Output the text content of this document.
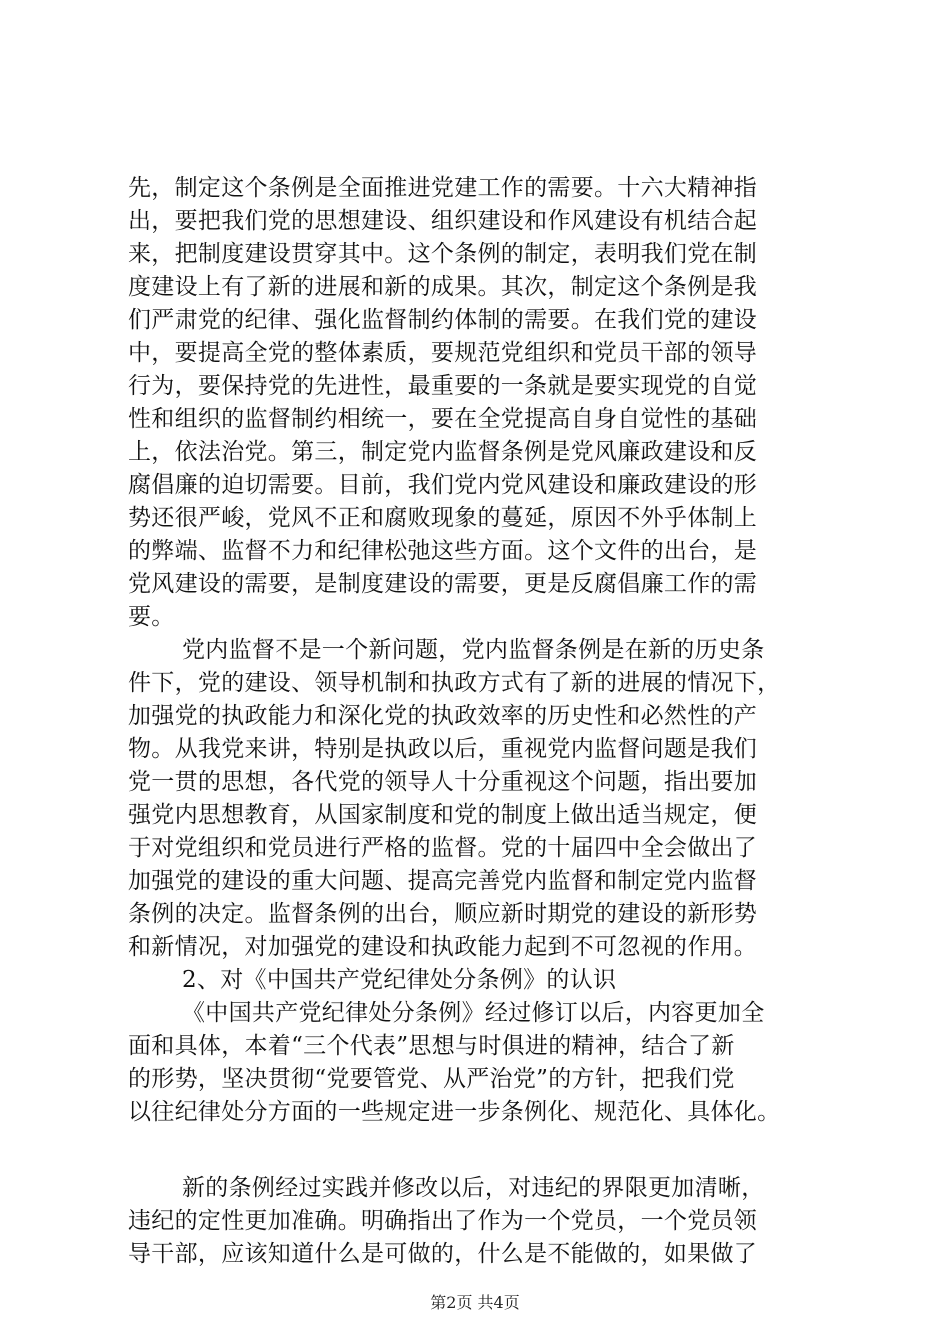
先，制定这个条例是全面推进党建工作的需要。十六大精神指
出，要把我们党的思想建设、组织建设和作风建设有机结合起
来，把制度建设贯穿其中。这个条例的制定，表明我们党在制
度建设上有了新的进展和新的成果。其次，制定这个条例是我
们严肃党的纪律、强化监督制约体制的需要。在我们党的建设
中，要提高全党的整体素质，要规范党组织和党员干部的领导
行为，要保持党的先进性，最重要的一条就是要实现党的自觉
性和组织的监督制约相统一，要在全党提高自身自觉性的基础
上，依法治党。第三，制定党内监督条例是党风廉政建设和反
腐倡廉的迫切需要。目前，我们党内党风建设和廉政建设的形
势还很严峻，党风不正和腐败现象的蔓延，原因不外乎体制上
的弊端、监督不力和纪律松弛这些方面。这个文件的出台，是
党风建设的需要，是制度建设的需要，更是反腐倡廉工作的需
要。
党内监督不是一个新问题，党内监督条例是在新的历史条
件下，党的建设、领导机制和执政方式有了新的进展的情况下，
加强党的执政能力和深化党的执政效率的历史性和必然性的产
物。从我党来讲，特别是执政以后，重视党内监督问题是我们
党一贯的思想，各代党的领导人十分重视这个问题，指出要加
强党内思想教育，从国家制度和党的制度上做出适当规定，便
于对党组织和党员进行严格的监督。党的十届四中全会做出了
加强党的建设的重大问题、提高完善党内监督和制定党内监督
条例的决定。监督条例的出台，顺应新时期党的建设的新形势
和新情况，对加强党的建设和执政能力起到不可忽视的作用。
2、对《中国共产党纪律处分条例》的认识
《中国共产党纪律处分条例》经过修订以后，内容更加全
面和具体，本着“三个代表”思想与时俱进的精神，结合了新
的形势，坚决贯彻“党要管党、从严治党”的方针，把我们党
以往纪律处分方面的一些规定进一步条例化、规范化、具体化。
新的条例经过实践并修改以后，对违纪的界限更加清晰，
违纪的定性更加准确。明确指出了作为一个党员，一个党员领
导干部，应该知道什么是可做的，什么是不能做的，如果做了
第2页 共4页
